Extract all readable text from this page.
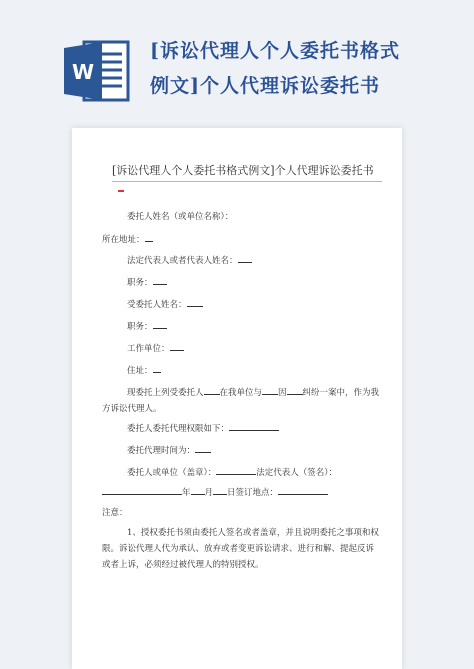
W
[诉讼代理人个人委托书格式
例文]个人代理诉讼委托书
[诉讼代理人个人委托书格式例文]个人代理诉讼委托书
委托人姓名（或单位名称）：
所在地址：
法定代表人或者代表人姓名：
职务：
受委托人姓名：
职务：
工作单位：
住址：
现委托上列受委托人 在我单位与 因 纠纷一案中，作为我
方诉讼代理人。
委托人委托代理权限如下：
委托代理时间为：
委托人或单位（盖章）：	法定代表人（签名）：
年 月 日签订地点：
注意：
1、授权委托书须由委托人签名或者盖章，并且说明委托之事项和权
限。诉讼代理人代为承认、放弃或者变更诉讼请求、进行和解、提起反诉
或者上诉，必须经过被代理人的特别授权。
